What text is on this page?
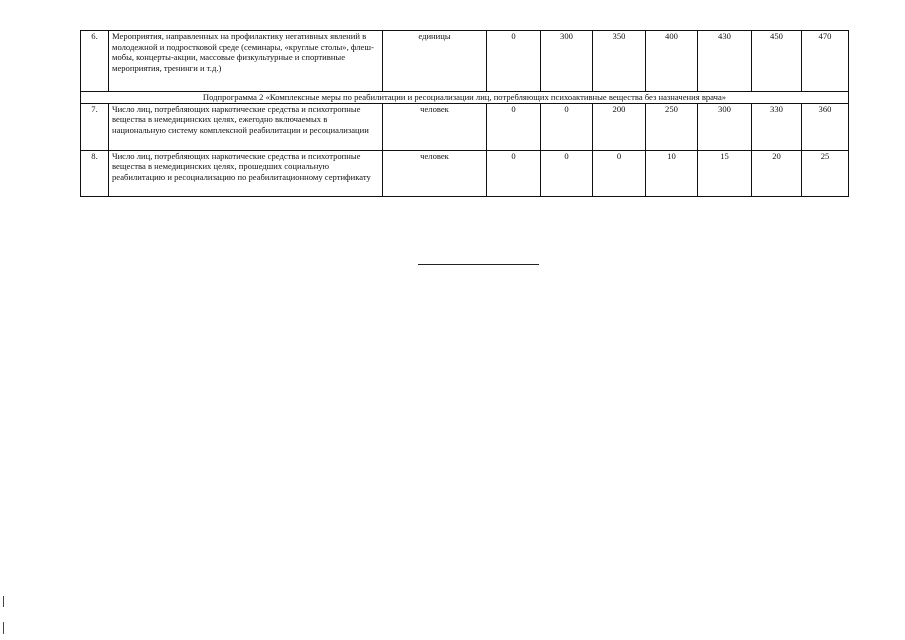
6.	Мероприятия, направленных на профилактику негативных явлений в молодежной и подростковой среде (семинары, «круглые столы», флеш-мобы, концерты-акции, массовые физкультурные и спортивные мероприятия, тренинги и т.д.)	единицы	0	300	350	400	430	450	470
Подпрограмма 2 «Комплексные меры по реабилитации и ресоциализации лиц, потребляющих психоактивные вещества без назначения врача»									
7.	Число лиц, потребляющих наркотические средства и психотропные вещества в немедицинских целях, ежегодно включаемых в национальную систему комплексной реабилитации и ресоциализации	человек	0	0	200	250	300	330	360
8.	Число лиц, потребляющих наркотические средства и психотропные вещества в немедицинских целях, прошедших социальную реабилитацию и ресоциализацию по реабилитационному сертификату	человек	0	0	0	10	15	20	25
